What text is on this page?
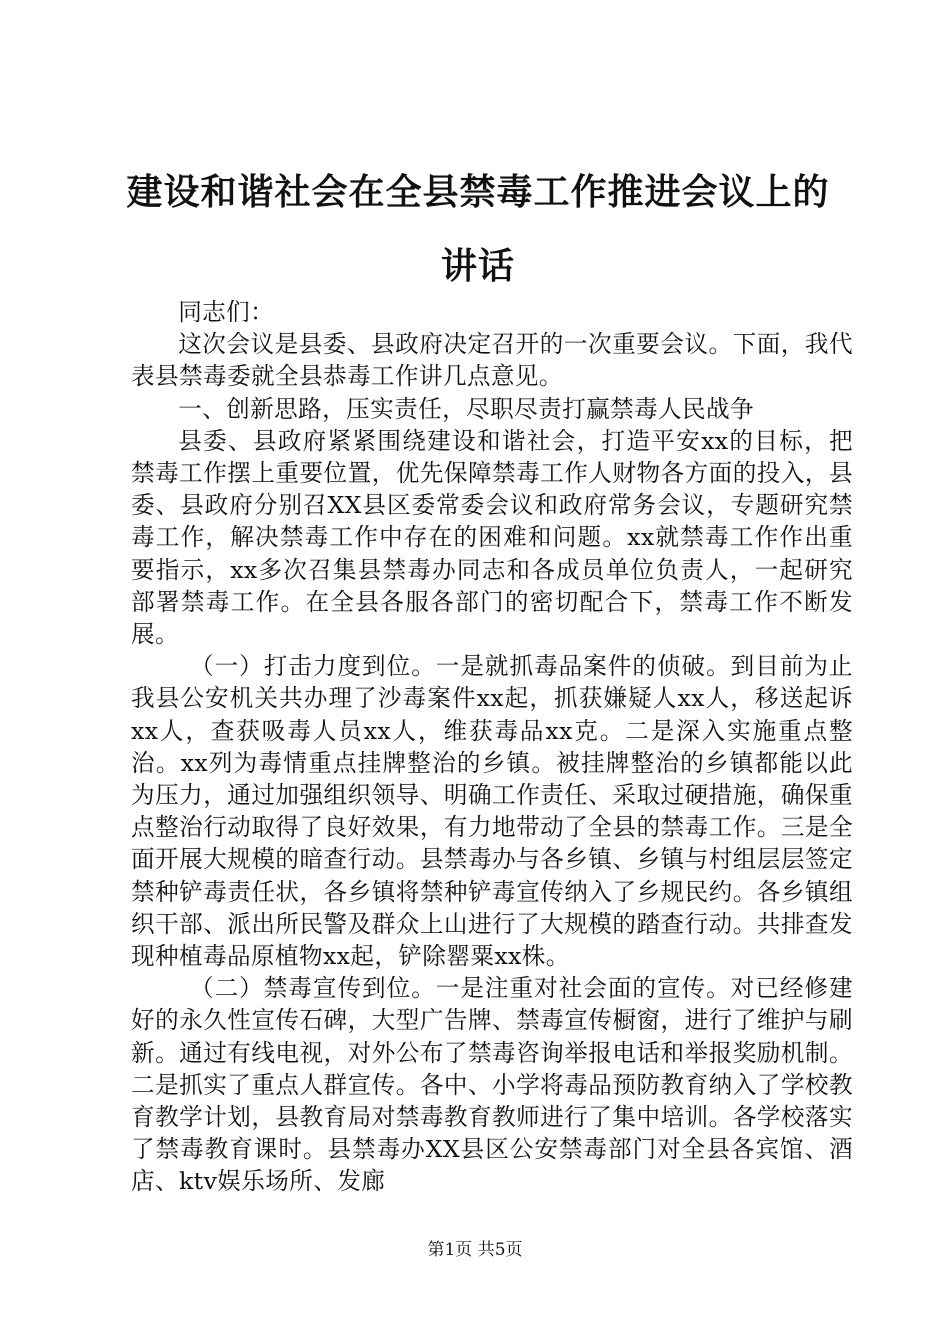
建设和谐社会在全县禁毒工作推进会议上的讲话

同志们：

这次会议是县委、县政府决定召开的一次重要会议。下面，我代表县禁毒委就全县恭毒工作讲几点意见。

一、创新思路，压实责任，尽职尽责打赢禁毒人民战争

县委、县政府紧紧围绕建设和谐社会，打造平安xx的目标，把禁毒工作摆上重要位置，优先保障禁毒工作人财物各方面的投入，县委、县政府分别召XX县区委常委会议和政府常务会议，专题研究禁毒工作，解决禁毒工作中存在的困难和问题。xx就禁毒工作作出重要指示，xx多次召集县禁毒办同志和各成员单位负责人，一起研究部署禁毒工作。在全县各服各部门的密切配合下，禁毒工作不断发展。

（一）打击力度到位。一是就抓毒品案件的侦破。到目前为止我县公安机关共办理了沙毒案件xx起，抓获嫌疑人xx人，移送起诉xx人，查获吸毒人员xx人，维获毒品xx克。二是深入实施重点整治。xx列为毒情重点挂牌整治的乡镇。被挂牌整治的乡镇都能以此为压力，通过加强组织领导、明确工作责任、采取过硬措施，确保重点整治行动取得了良好效果，有力地带动了全县的禁毒工作。三是全面开展大规模的暗查行动。县禁毒办与各乡镇、乡镇与村组层层签定禁种铲毒责任状，各乡镇将禁种铲毒宣传纳入了乡规民约。各乡镇组织干部、派出所民警及群众上山进行了大规模的踏查行动。共排查发现种植毒品原植物xx起，铲除罂粟xx株。

（二）禁毒宣传到位。一是注重对社会面的宣传。对已经修建好的永久性宣传石碑，大型广告牌、禁毒宣传橱窗，进行了维护与刷新。通过有线电视，对外公布了禁毒咨询举报电话和举报奖励机制。二是抓实了重点人群宣传。各中、小学将毒品预防教育纳入了学校教育教学计划，县教育局对禁毒教育教师进行了集中培训。各学校落实了禁毒教育课时。县禁毒办XX县区公安禁毒部门对全县各宾馆、酒店、ktv娱乐场所、发廊

第1页 共5页
